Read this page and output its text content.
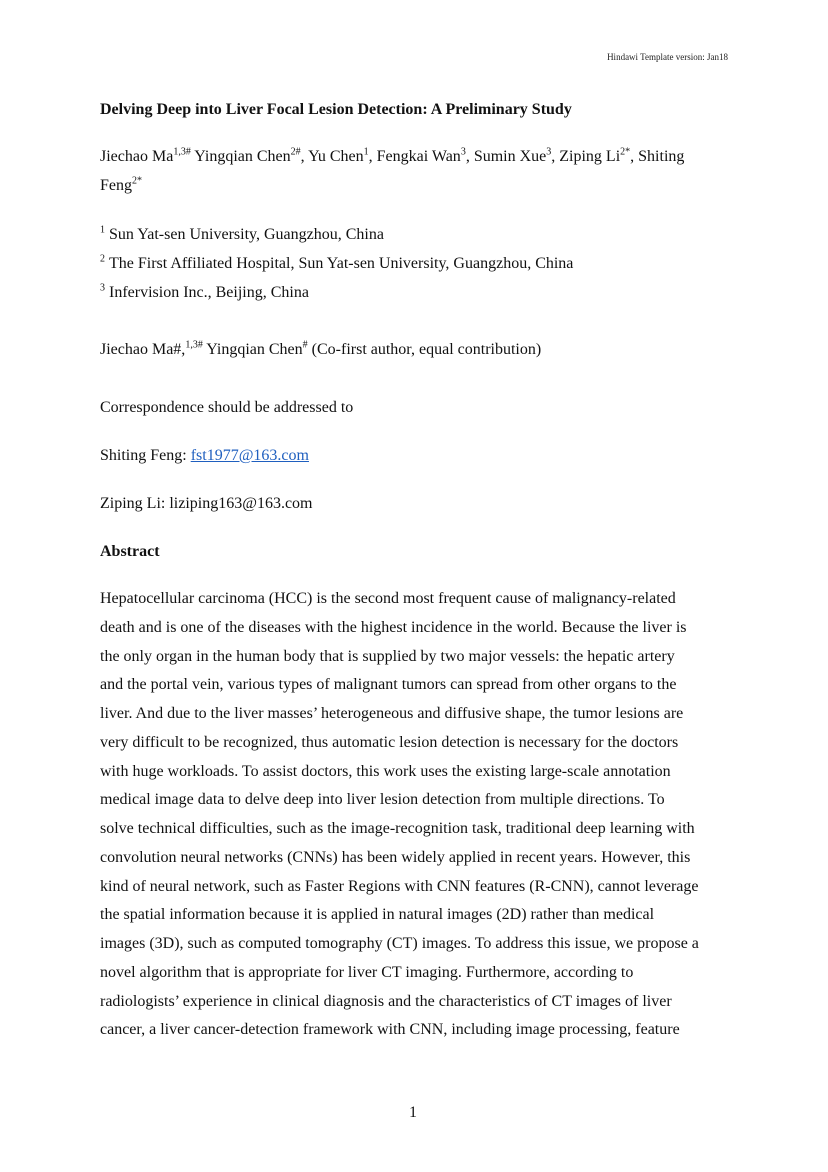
Hindawi Template version: Jan18
Delving Deep into Liver Focal Lesion Detection: A Preliminary Study
Jiechao $Ma^{1,3\#}$ Yingqian Chen$^{2\#}$, Yu Chen$^1$, Fengkai Wan$^3$, Sumin Xue$^3$, Ziping $Li^{2*}$, Shiting
Feng$^{2*}$
$^1$ Sun Yat-sen University, Guangzhou, China
$^2$ The First Affiliated Hospital, Sun Yat-sen University, Guangzhou, China
$^3$ Infervision Inc., Beijing, China
Jiechao Ma#,$^{1,3\#}$ Yingqian Chen# (Co-first author, equal contribution)
Correspondence should be addressed to
Shiting Feng: fst1977@163.com
Ziping Li: liziping163@163.com
Abstract
Hepatocellular carcinoma (HCC) is the second most frequent cause of malignancy-related
death and is one of the diseases with the highest incidence in the world. Because the liver is
the only organ in the human body that is supplied by two major vessels: the hepatic artery
and the portal vein, various types of malignant tumors can spread from other organs to the
liver. And due to the liver masses’ heterogeneous and diffusive shape, the tumor lesions are
very difficult to be recognized, thus automatic lesion detection is necessary for the doctors
with huge workloads. To assist doctors, this work uses the existing large-scale annotation
medical image data to delve deep into liver lesion detection from multiple directions. To
solve technical difficulties, such as the image-recognition task, traditional deep learning with
convolution neural networks (CNNs) has been widely applied in recent years. However, this
kind of neural network, such as Faster Regions with CNN features (R-CNN), cannot leverage
the spatial information because it is applied in natural images (2D) rather than medical
images (3D), such as computed tomography (CT) images. To address this issue, we propose a
novel algorithm that is appropriate for liver CT imaging. Furthermore, according to
radiologists’ experience in clinical diagnosis and the characteristics of CT images of liver
cancer, a liver cancer-detection framework with CNN, including image processing, feature
1
